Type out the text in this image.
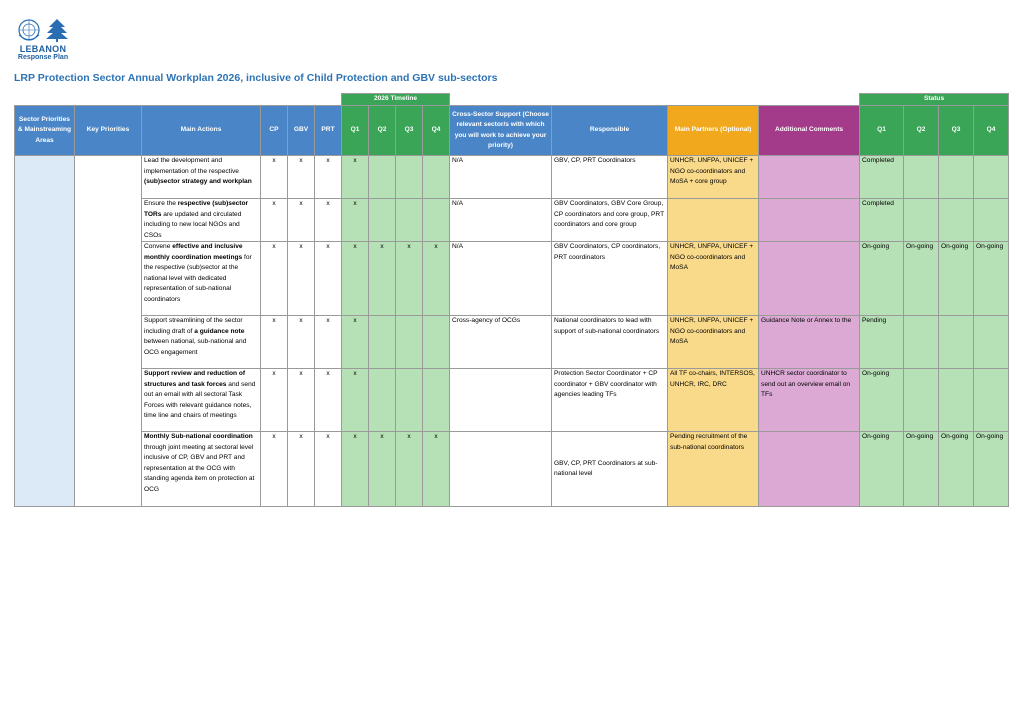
LEBANON
Response Plan
LRP Protection Sector Annual Workplan 2026, inclusive of Child Protection and GBV sub-sectors
						2026 Timeline								Status			
Sector Priorities & Mainstreaming Areas	Key Priorities	Main Actions	CP	GBV	PRT	Q1	Q2	Q3	Q4	Cross-Sector Support (Choose relevant sector/s with which you will work to achieve your priority)	Responsible	Main Partners (Optional)	Additional Comments	Q1	Q2	Q3	Q4
		Lead the development and implementation of the respective (sub)sector strategy and workplan	x	x	x	x				N/A	GBV, CP, PRT Coordinators	UNHCR, UNFPA, UNICEF + NGO co-coordinators and MoSA + core group		Completed			
		Ensure the respective (sub)sector TORs are updated and circulated including to new local NGOs and CSOs	x	x	x	x				N/A	GBV Coordinators, GBV Core Group, CP coordinators and core group, PRT coordinators and core group			Completed			
		Convene effective and inclusive monthly coordination meetings for the respective (sub)sector at the national level with dedicated representation of sub-national coordinators	x	x	x	x	x	x	x	N/A	GBV Coordinators, CP coordinators, PRT coordinators	UNHCR, UNFPA, UNICEF + NGO co-coordinators and MoSA		On-going	On-going	On-going	On-going
		Support streamlining of the sector including draft of a guidance note between national, sub-national and OCG engagement	x	x	x	x				Cross-agency of OCGs	National coordinators to lead with support of sub-national coordinators	UNHCR, UNFPA, UNICEF + NGO co-coordinators and MoSA	Guidance Note or Annex to the	Pending			
		Support review and reduction of structures and task forces and send out an email with all sectoral Task Forces with relevant guidance notes, time line and chairs of meetings	x	x	x	x					Protection Sector Coordinator + CP coordinator + GBV coordinator with agencies leading TFs	All TF co-chairs, INTERSOS, UNHCR, IRC, DRC	UNHCR sector coordinator to send out an overview email on TFs	On-going			
		Monthly Sub-national coordination through joint meeting at sectoral level inclusive of CP, GBV and PRT and representation at the OCG with standing agenda item on protection at OCG	x	x	x	x	x	x	x		GBV, CP, PRT Coordinators at sub-national level	Pending recruitment of the sub-national coordinators		On-going	On-going	On-going	On-going
